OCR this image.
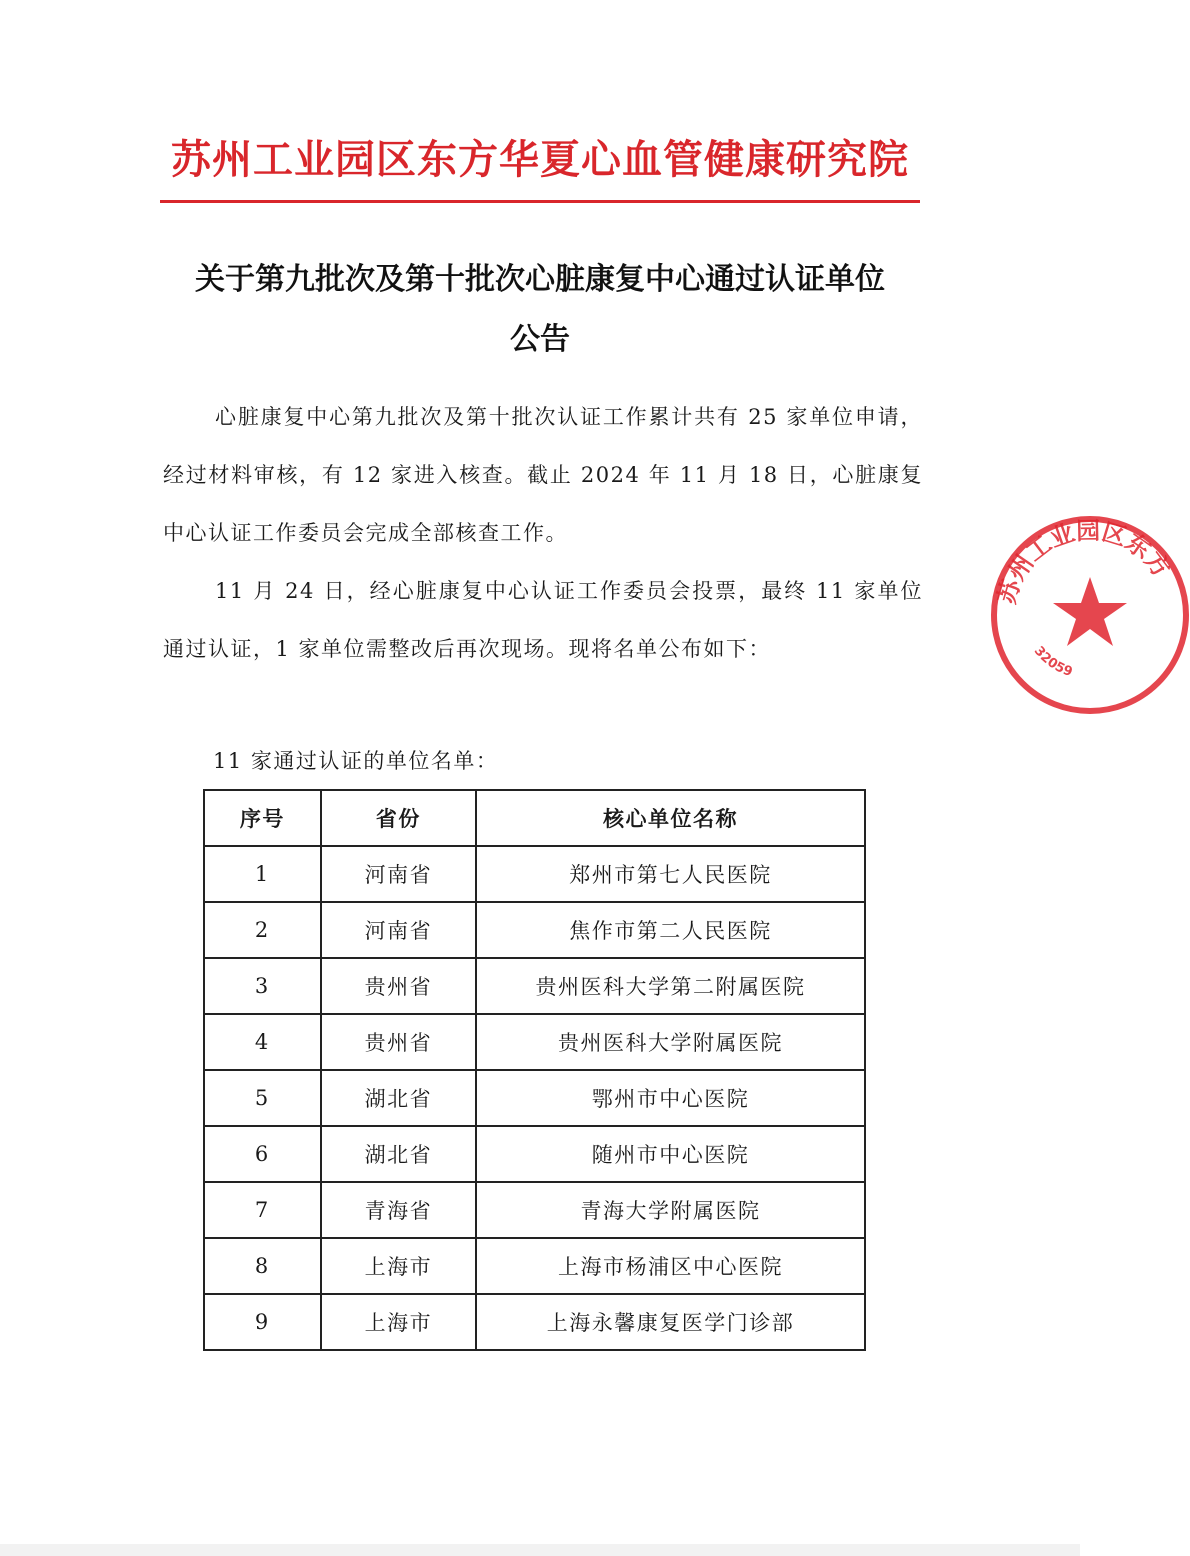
苏州工业园区东方华夏心血管健康研究院
关于第九批次及第十批次心脏康复中心通过认证单位
公告
心脏康复中心第九批次及第十批次认证工作累计共有 25 家单位申请，经过材料审核，有 12 家进入核查。截止 2024 年 11 月 18 日，心脏康复中心认证工作委员会完成全部核查工作。
11 月 24 日，经心脏康复中心认证工作委员会投票，最终 11 家单位通过认证，1 家单位需整改后再次现场。现将名单公布如下：
11 家通过认证的单位名单：
序号	省份	核心单位名称
1	河南省	郑州市第七人民医院
2	河南省	焦作市第二人民医院
3	贵州省	贵州医科大学第二附属医院
4	贵州省	贵州医科大学附属医院
5	湖北省	鄂州市中心医院
6	湖北省	随州市中心医院
7	青海省	青海大学附属医院
8	上海市	上海市杨浦区中心医院
9	上海市	上海永馨康复医学门诊部
苏州工业园区东方
32059
